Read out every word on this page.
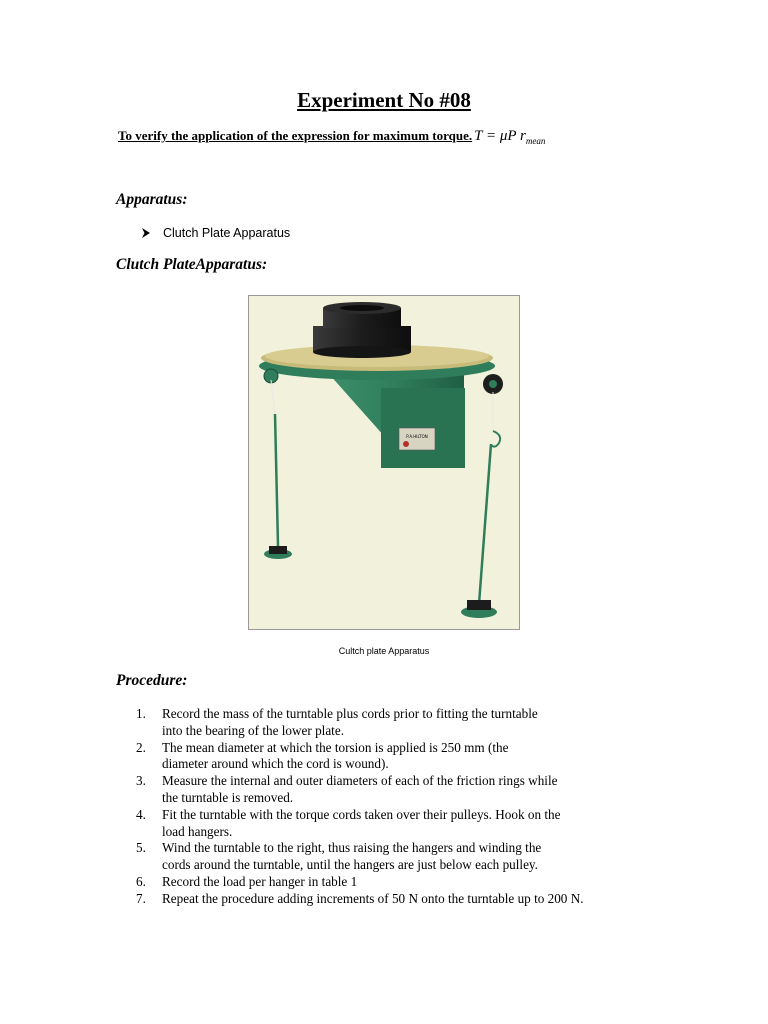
Experiment No #08
To verify the application of the expression for maximum torque. T = μP $r_{mean}$
Apparatus:
Clutch Plate Apparatus
Clutch PlateApparatus:
P.A.HILTON
Cultch plate Apparatus
Procedure:
1.	Record the mass of the turntable plus cords prior to fitting the turntable
into the bearing of the lower plate.
2.	The mean diameter at which the torsion is applied is 250 mm (the
diameter around which the cord is wound).
3.	Measure the internal and outer diameters of each of the friction rings while
the turntable is removed.
4.	Fit the turntable with the torque cords taken over their pulleys. Hook on the
load hangers.
5.	Wind the turntable to the right, thus raising the hangers and winding the
cords around the turntable, until the hangers are just below each pulley.
6.	Record the load per hanger in table 1
7.	Repeat the procedure adding increments of 50 N onto the turntable up to 200 N.
